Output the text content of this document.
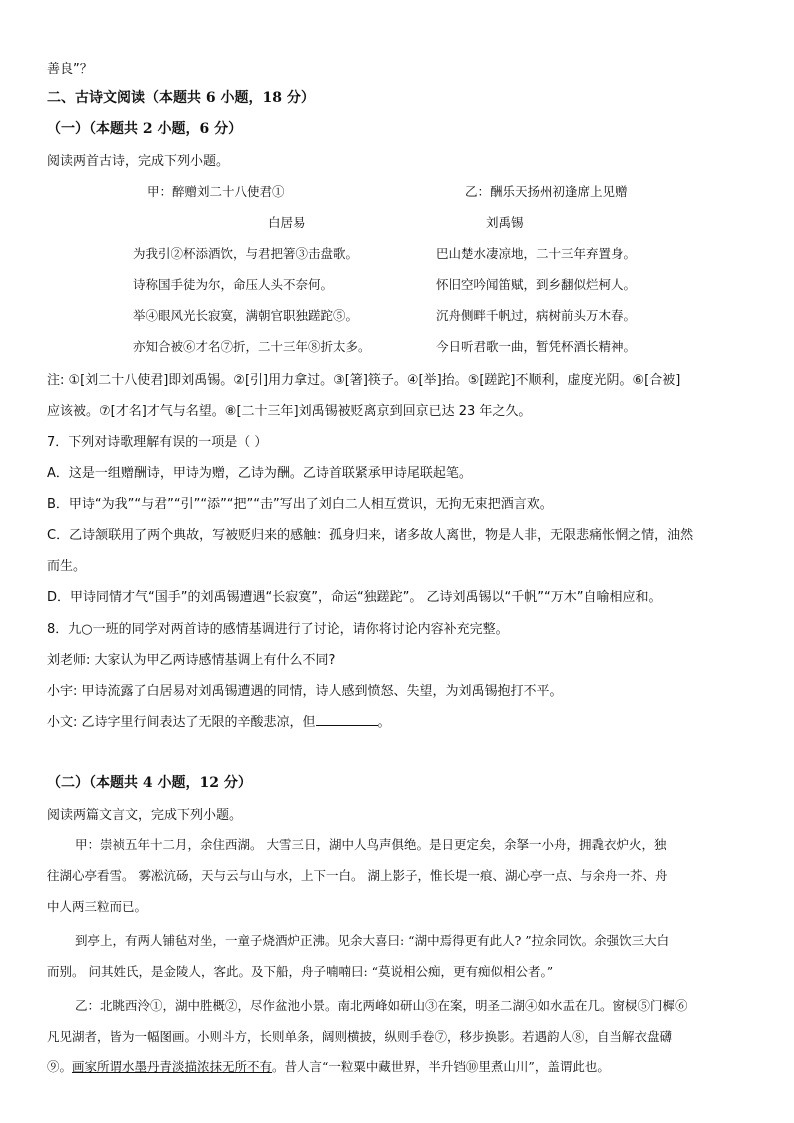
善良”？
二、古诗文阅读（本题共 6 小题，18 分）
（一）（本题共 2 小题，6 分）
阅读两首古诗，完成下列小题。
甲：醉赠刘二十八使君①
白居易
为我引②杯添酒饮，与君把箸③击盘歌。
诗称国手徒为尔，命压人头不奈何。
举④眼风光长寂寞，满朝官职独蹉跎⑤。
亦知合被⑥才名⑦折，二十三年⑧折太多。
乙：酬乐天扬州初逢席上见赠
刘禹锡
巴山楚水凄凉地，二十三年弃置身。
怀旧空吟闻笛赋，到乡翻似烂柯人。
沉舟侧畔千帆过，病树前头万木春。
今日听君歌一曲，暂凭杯酒长精神。
注: ①[刘二十八使君]即刘禹锡。②[引]用力拿过。③[箸]筷子。④[举]抬。⑤[蹉跎]不顺利，虚度光阴。⑥[合被]
应该被。⑦[才名]才气与名望。⑧[二十三年]刘禹锡被贬离京到回京已达 23 年之久。
7．下列对诗歌理解有误的一项是（ ）
A．这是一组赠酬诗，甲诗为赠，乙诗为酬。乙诗首联紧承甲诗尾联起笔。
B．甲诗“为我”“与君”“引”“添”“把”“击”写出了刘白二人相互赏识，无拘无束把酒言欢。
C．乙诗颔联用了两个典故，写被贬归来的感触：孤身归来，诸多故人离世，物是人非，无限悲痛怅惘之情，油然
而生。
D．甲诗同情才气“国手”的刘禹锡遭遇“长寂寞”，命运“独蹉跎”。 乙诗刘禹锡以“千帆”“万木”自喻相应和。
8．九○一班的同学对两首诗的感情基调进行了讨论，请你将讨论内容补充完整。
刘老师: 大家认为甲乙两诗感情基调上有什么不同?
小宇: 甲诗流露了白居易对刘禹锡遭遇的同情，诗人感到愤怒、失望，为刘禹锡抱打不平。
小文: 乙诗字里行间表达了无限的辛酸悲凉，但	。
（二）（本题共 4 小题，12 分）
阅读两篇文言文，完成下列小题。
甲：崇祯五年十二月，余住西湖。 大雪三日，湖中人鸟声俱绝。是日更定矣，余拏一小舟，拥毳衣炉火，独
往湖心亭看雪。 雾凇沆砀，天与云与山与水，上下一白。 湖上影子，惟长堤一痕、湖心亭一点、与余舟一芥、舟
中人两三粒而已。
到亭上，有两人铺毡对坐，一童子烧酒炉正沸。见余大喜曰: “湖中焉得更有此人? ”拉余同饮。余强饮三大白
而别。 问其姓氏，是金陵人，客此。及下船，舟子喃喃曰: “莫说相公痴，更有痴似相公者。”
乙：北眺西泠①，湖中胜概②，尽作盆池小景。南北两峰如研山③在案，明圣二湖④如水盂在几。窗棂⑤门樨⑥
凡见湖者，皆为一幅图画。小则斗方，长则单条，阔则横披，纵则手卷⑦，移步换影。若遇韵人⑧，自当解衣盘礴
⑨。画家所谓水墨丹青淡描浓抹无所不有。昔人言“一粒粟中藏世界，半升铛⑩里煮山川”，盖谓此也。
